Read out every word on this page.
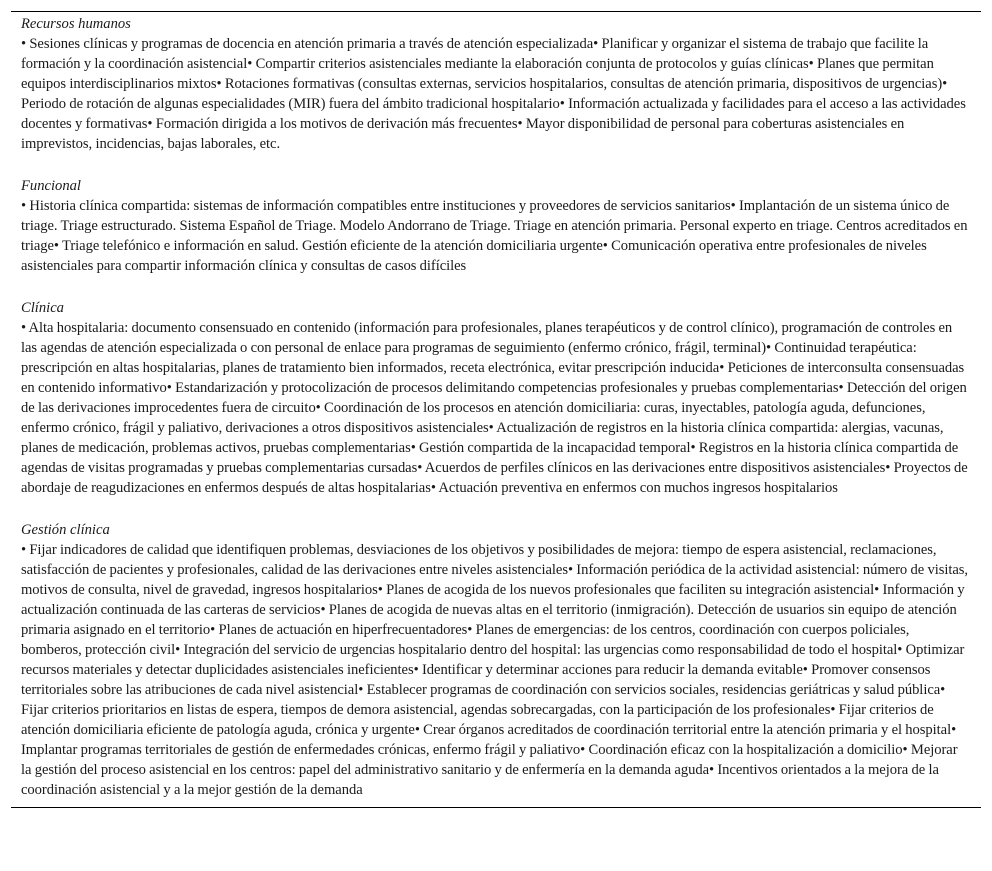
Recursos humanos

• Sesiones clínicas y programas de docencia en atención primaria a través de atención especializada• Planificar y organizar el sistema de trabajo que facilite la formación y la coordinación asistencial• Compartir criterios asistenciales mediante la elaboración conjunta de protocolos y guías clínicas• Planes que permitan equipos interdisciplinarios mixtos• Rotaciones formativas (consultas externas, servicios hospitalarios, consultas de atención primaria, dispositivos de urgencias)• Periodo de rotación de algunas especialidades (MIR) fuera del ámbito tradicional hospitalario• Información actualizada y facilidades para el acceso a las actividades docentes y formativas• Formación dirigida a los motivos de derivación más frecuentes• Mayor disponibilidad de personal para coberturas asistenciales en imprevistos, incidencias, bajas laborales, etc.

Funcional

• Historia clínica compartida: sistemas de información compatibles entre instituciones y proveedores de servicios sanitarios• Implantación de un sistema único de triage. Triage estructurado. Sistema Español de Triage. Modelo Andorrano de Triage. Triage en atención primaria. Personal experto en triage. Centros acreditados en triage• Triage telefónico e información en salud. Gestión eficiente de la atención domiciliaria urgente• Comunicación operativa entre profesionales de niveles asistenciales para compartir información clínica y consultas de casos difíciles

Clínica

• Alta hospitalaria: documento consensuado en contenido (información para profesionales, planes terapéuticos y de control clínico), programación de controles en las agendas de atención especializada o con personal de enlace para programas de seguimiento (enfermo crónico, frágil, terminal)• Continuidad terapéutica: prescripción en altas hospitalarias, planes de tratamiento bien informados, receta electrónica, evitar prescripción inducida• Peticiones de interconsulta consensuadas en contenido informativo• Estandarización y protocolización de procesos delimitando competencias profesionales y pruebas complementarias• Detección del origen de las derivaciones improcedentes fuera de circuito• Coordinación de los procesos en atención domiciliaria: curas, inyectables, patología aguda, defunciones, enfermo crónico, frágil y paliativo, derivaciones a otros dispositivos asistenciales• Actualización de registros en la historia clínica compartida: alergias, vacunas, planes de medicación, problemas activos, pruebas complementarias• Gestión compartida de la incapacidad temporal• Registros en la historia clínica compartida de agendas de visitas programadas y pruebas complementarias cursadas• Acuerdos de perfiles clínicos en las derivaciones entre dispositivos asistenciales• Proyectos de abordaje de reagudizaciones en enfermos después de altas hospitalarias• Actuación preventiva en enfermos con muchos ingresos hospitalarios

Gestión clínica

• Fijar indicadores de calidad que identifiquen problemas, desviaciones de los objetivos y posibilidades de mejora: tiempo de espera asistencial, reclamaciones, satisfacción de pacientes y profesionales, calidad de las derivaciones entre niveles asistenciales• Información periódica de la actividad asistencial: número de visitas, motivos de consulta, nivel de gravedad, ingresos hospitalarios• Planes de acogida de los nuevos profesionales que faciliten su integración asistencial• Información y actualización continuada de las carteras de servicios• Planes de acogida de nuevas altas en el territorio (inmigración). Detección de usuarios sin equipo de atención primaria asignado en el territorio• Planes de actuación en hiperfrecuentadores• Planes de emergencias: de los centros, coordinación con cuerpos policiales, bomberos, protección civil• Integración del servicio de urgencias hospitalario dentro del hospital: las urgencias como responsabilidad de todo el hospital• Optimizar recursos materiales y detectar duplicidades asistenciales ineficientes• Identificar y determinar acciones para reducir la demanda evitable• Promover consensos territoriales sobre las atribuciones de cada nivel asistencial• Establecer programas de coordinación con servicios sociales, residencias geriátricas y salud pública• Fijar criterios prioritarios en listas de espera, tiempos de demora asistencial, agendas sobrecargadas, con la participación de los profesionales• Fijar criterios de atención domiciliaria eficiente de patología aguda, crónica y urgente• Crear órganos acreditados de coordinación territorial entre la atención primaria y el hospital• Implantar programas territoriales de gestión de enfermedades crónicas, enfermo frágil y paliativo• Coordinación eficaz con la hospitalización a domicilio• Mejorar la gestión del proceso asistencial en los centros: papel del administrativo sanitario y de enfermería en la demanda aguda• Incentivos orientados a la mejora de la coordinación asistencial y a la mejor gestión de la demanda
